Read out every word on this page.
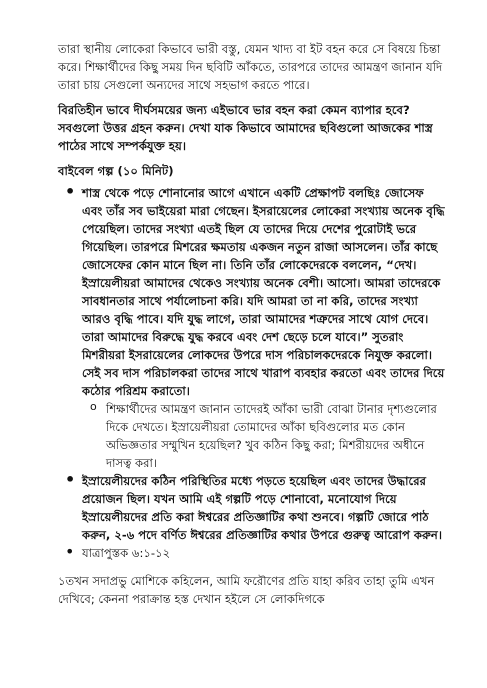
তারা স্থানীয় লোকেরা কিভাবে ভারী বস্তু, যেমন খাদ্য বা ইট বহন করে সে বিষয়ে চিন্তা করে। শিক্ষার্থীদের কিছু সময় দিন ছবিটি আঁকতে, তারপরে তাদের আমন্ত্রণ জানান যদি তারা চায় সেগুলো অন্যদের সাথে সহভাগ করতে পারে।

বিরতিহীন ভাবে দীর্ঘসময়ের জন্য এইভাবে ভার বহন করা কেমন ব্যাপার হবে? সবগুলো উত্তর গ্রহন করুন। দেখা যাক কিভাবে আমাদের ছবিগুলো আজকের শাস্ত্র পাঠের সাথে সম্পর্কযুক্ত হয়।

বাইবেল গল্প (১০ মিনিট)

• শাস্ত্র থেকে পড়ে শোনানোর আগে এখানে একটি প্রেক্ষাপট বলছিঃ জোসেফ এবং তাঁর সব ভাইয়েরা মারা গেছেন। ইসরায়েলের লোকেরা সংখ্যায় অনেক বৃদ্ধি পেয়েছিল। তাদের সংখ্যা এতই ছিল যে তাদের দিয়ে দেশের পুরোটাই ভরে গিয়েছিল। তারপরে মিশরের ক্ষমতায় একজন নতুন রাজা আসলেন। তাঁর কাছে জোসেফের কোন মানে ছিল না। তিনি তাঁর লোকেদেরকে বললেন, “দেখ। ইস্রায়েলীয়রা আমাদের থেকেও সংখ্যায় অনেক বেশী। আসো। আমরা তাদেরকে সাবধানতার সাথে পর্যালোচনা করি। যদি আমরা তা না করি, তাদের সংখ্যা আরও বৃদ্ধি পাবে। যদি যুদ্ধ লাগে, তারা আমাদের শত্রুদের সাথে যোগ দেবে। তারা আমাদের বিরুদ্ধে যুদ্ধ করবে এবং দেশ ছেড়ে চলে যাবে।” সুতরাং মিশরীয়রা ইসরায়েলের লোকদের উপরে দাস পরিচালকদেরকে নিযুক্ত করলো। সেই সব দাস পরিচালকরা তাদের সাথে খারাপ ব্যবহার করতো এবং তাদের দিয়ে কঠোর পরিশ্রম করাতো।
o শিক্ষার্থীদের আমন্ত্রণ জানান তাদেরই আঁকা ভারী বোঝা টানার দৃশ্যগুলোর দিকে দেখতে। ইস্রায়েলীয়রা তোমাদের আঁকা ছবিগুলোর মত কোন অভিজ্ঞতার সম্মুখিন হয়েছিল? খুব কঠিন কিছু করা; মিশরীয়দের অধীনে দাসত্ব করা।
• ইস্রায়েলীয়দের কঠিন পরিস্থিতির মধ্যে পড়তে হয়েছিল এবং তাদের উদ্ধারের প্রয়োজন ছিল। যখন আমি এই গল্পটি পড়ে শোনাবো, মনোযোগ দিয়ে ইস্রায়েলীয়দের প্রতি করা ঈশ্বরের প্রতিজ্ঞাটির কথা শুনবে। গল্পটি জোরে পাঠ করুন, ২-৬ পদে বর্ণিত ঈশ্বরের প্রতিজ্ঞাটির কথার উপরে গুরুত্ব আরোপ করুন।
• যাত্রাপুস্তক ৬:১-১২

১তখন সদাপ্রভু মোশিকে কহিলেন, আমি ফরৌণের প্রতি যাহা করিব তাহা তুমি এখন দেখিবে; কেননা পরাক্রান্ত হস্ত দেখান হইলে সে লোকদিগকে
